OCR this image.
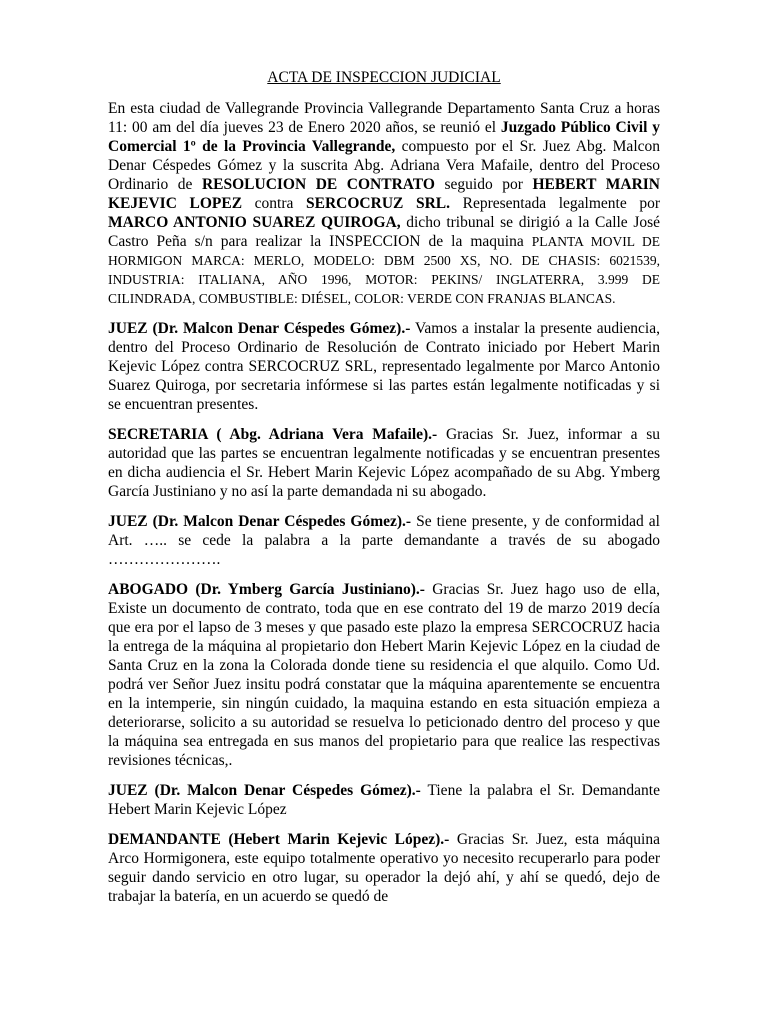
ACTA DE INSPECCION JUDICIAL

En esta ciudad de Vallegrande Provincia Vallegrande Departamento Santa Cruz a horas 11: 00 am del día jueves 23 de Enero 2020 años, se reunió el Juzgado Público Civil y Comercial 1º de la Provincia Vallegrande, compuesto por el Sr. Juez Abg. Malcon Denar Céspedes Gómez y la suscrita Abg. Adriana Vera Mafaile, dentro del Proceso Ordinario de RESOLUCION DE CONTRATO seguido por HEBERT MARIN KEJEVIC LOPEZ contra SERCOCRUZ SRL. Representada legalmente por MARCO ANTONIO SUAREZ QUIROGA, dicho tribunal se dirigió a la Calle José Castro Peña s/n para realizar la INSPECCION de la maquina PLANTA MOVIL DE HORMIGON MARCA: MERLO, MODELO: DBM 2500 XS, NO. DE CHASIS: 6021539, INDUSTRIA: ITALIANA, AÑO 1996, MOTOR: PEKINS/ INGLATERRA, 3.999 DE CILINDRADA, COMBUSTIBLE: DIÉSEL, COLOR: VERDE CON FRANJAS BLANCAS.

JUEZ (Dr. Malcon Denar Céspedes Gómez).- Vamos a instalar la presente audiencia, dentro del Proceso Ordinario de Resolución de Contrato iniciado por Hebert Marin Kejevic López contra SERCOCRUZ SRL, representado legalmente por Marco Antonio Suarez Quiroga, por secretaria infórmese si las partes están legalmente notificadas y si se encuentran presentes.

SECRETARIA ( Abg. Adriana Vera Mafaile).- Gracias Sr. Juez, informar a su autoridad que las partes se encuentran legalmente notificadas y se encuentran presentes en dicha audiencia el Sr. Hebert Marin Kejevic López acompañado de su Abg. Ymberg García Justiniano y no así la parte demandada ni su abogado.

JUEZ (Dr. Malcon Denar Céspedes Gómez).- Se tiene presente, y de conformidad al Art. ….. se cede la palabra a la parte demandante a través de su abogado ………………….

ABOGADO (Dr. Ymberg García Justiniano).- Gracias Sr. Juez hago uso de ella, Existe un documento de contrato, toda que en ese contrato del 19 de marzo 2019 decía que era por el lapso de 3 meses y que pasado este plazo la empresa SERCOCRUZ hacia la entrega de la máquina al propietario don Hebert Marin Kejevic López en la ciudad de Santa Cruz en la zona la Colorada donde tiene su residencia el que alquilo. Como Ud. podrá ver Señor Juez insitu podrá constatar que la máquina aparentemente se encuentra en la intemperie, sin ningún cuidado, la maquina estando en esta situación empieza a deteriorarse, solicito a su autoridad se resuelva lo peticionado dentro del proceso y que la máquina sea entregada en sus manos del propietario para que realice las respectivas revisiones técnicas,.

JUEZ (Dr. Malcon Denar Céspedes Gómez).- Tiene la palabra el Sr. Demandante Hebert Marin Kejevic López

DEMANDANTE (Hebert Marin Kejevic López).- Gracias Sr. Juez, esta máquina Arco Hormigonera, este equipo totalmente operativo yo necesito recuperarlo para poder seguir dando servicio en otro lugar, su operador la dejó ahí, y ahí se quedó, dejo de trabajar la batería, en un acuerdo se quedó de
